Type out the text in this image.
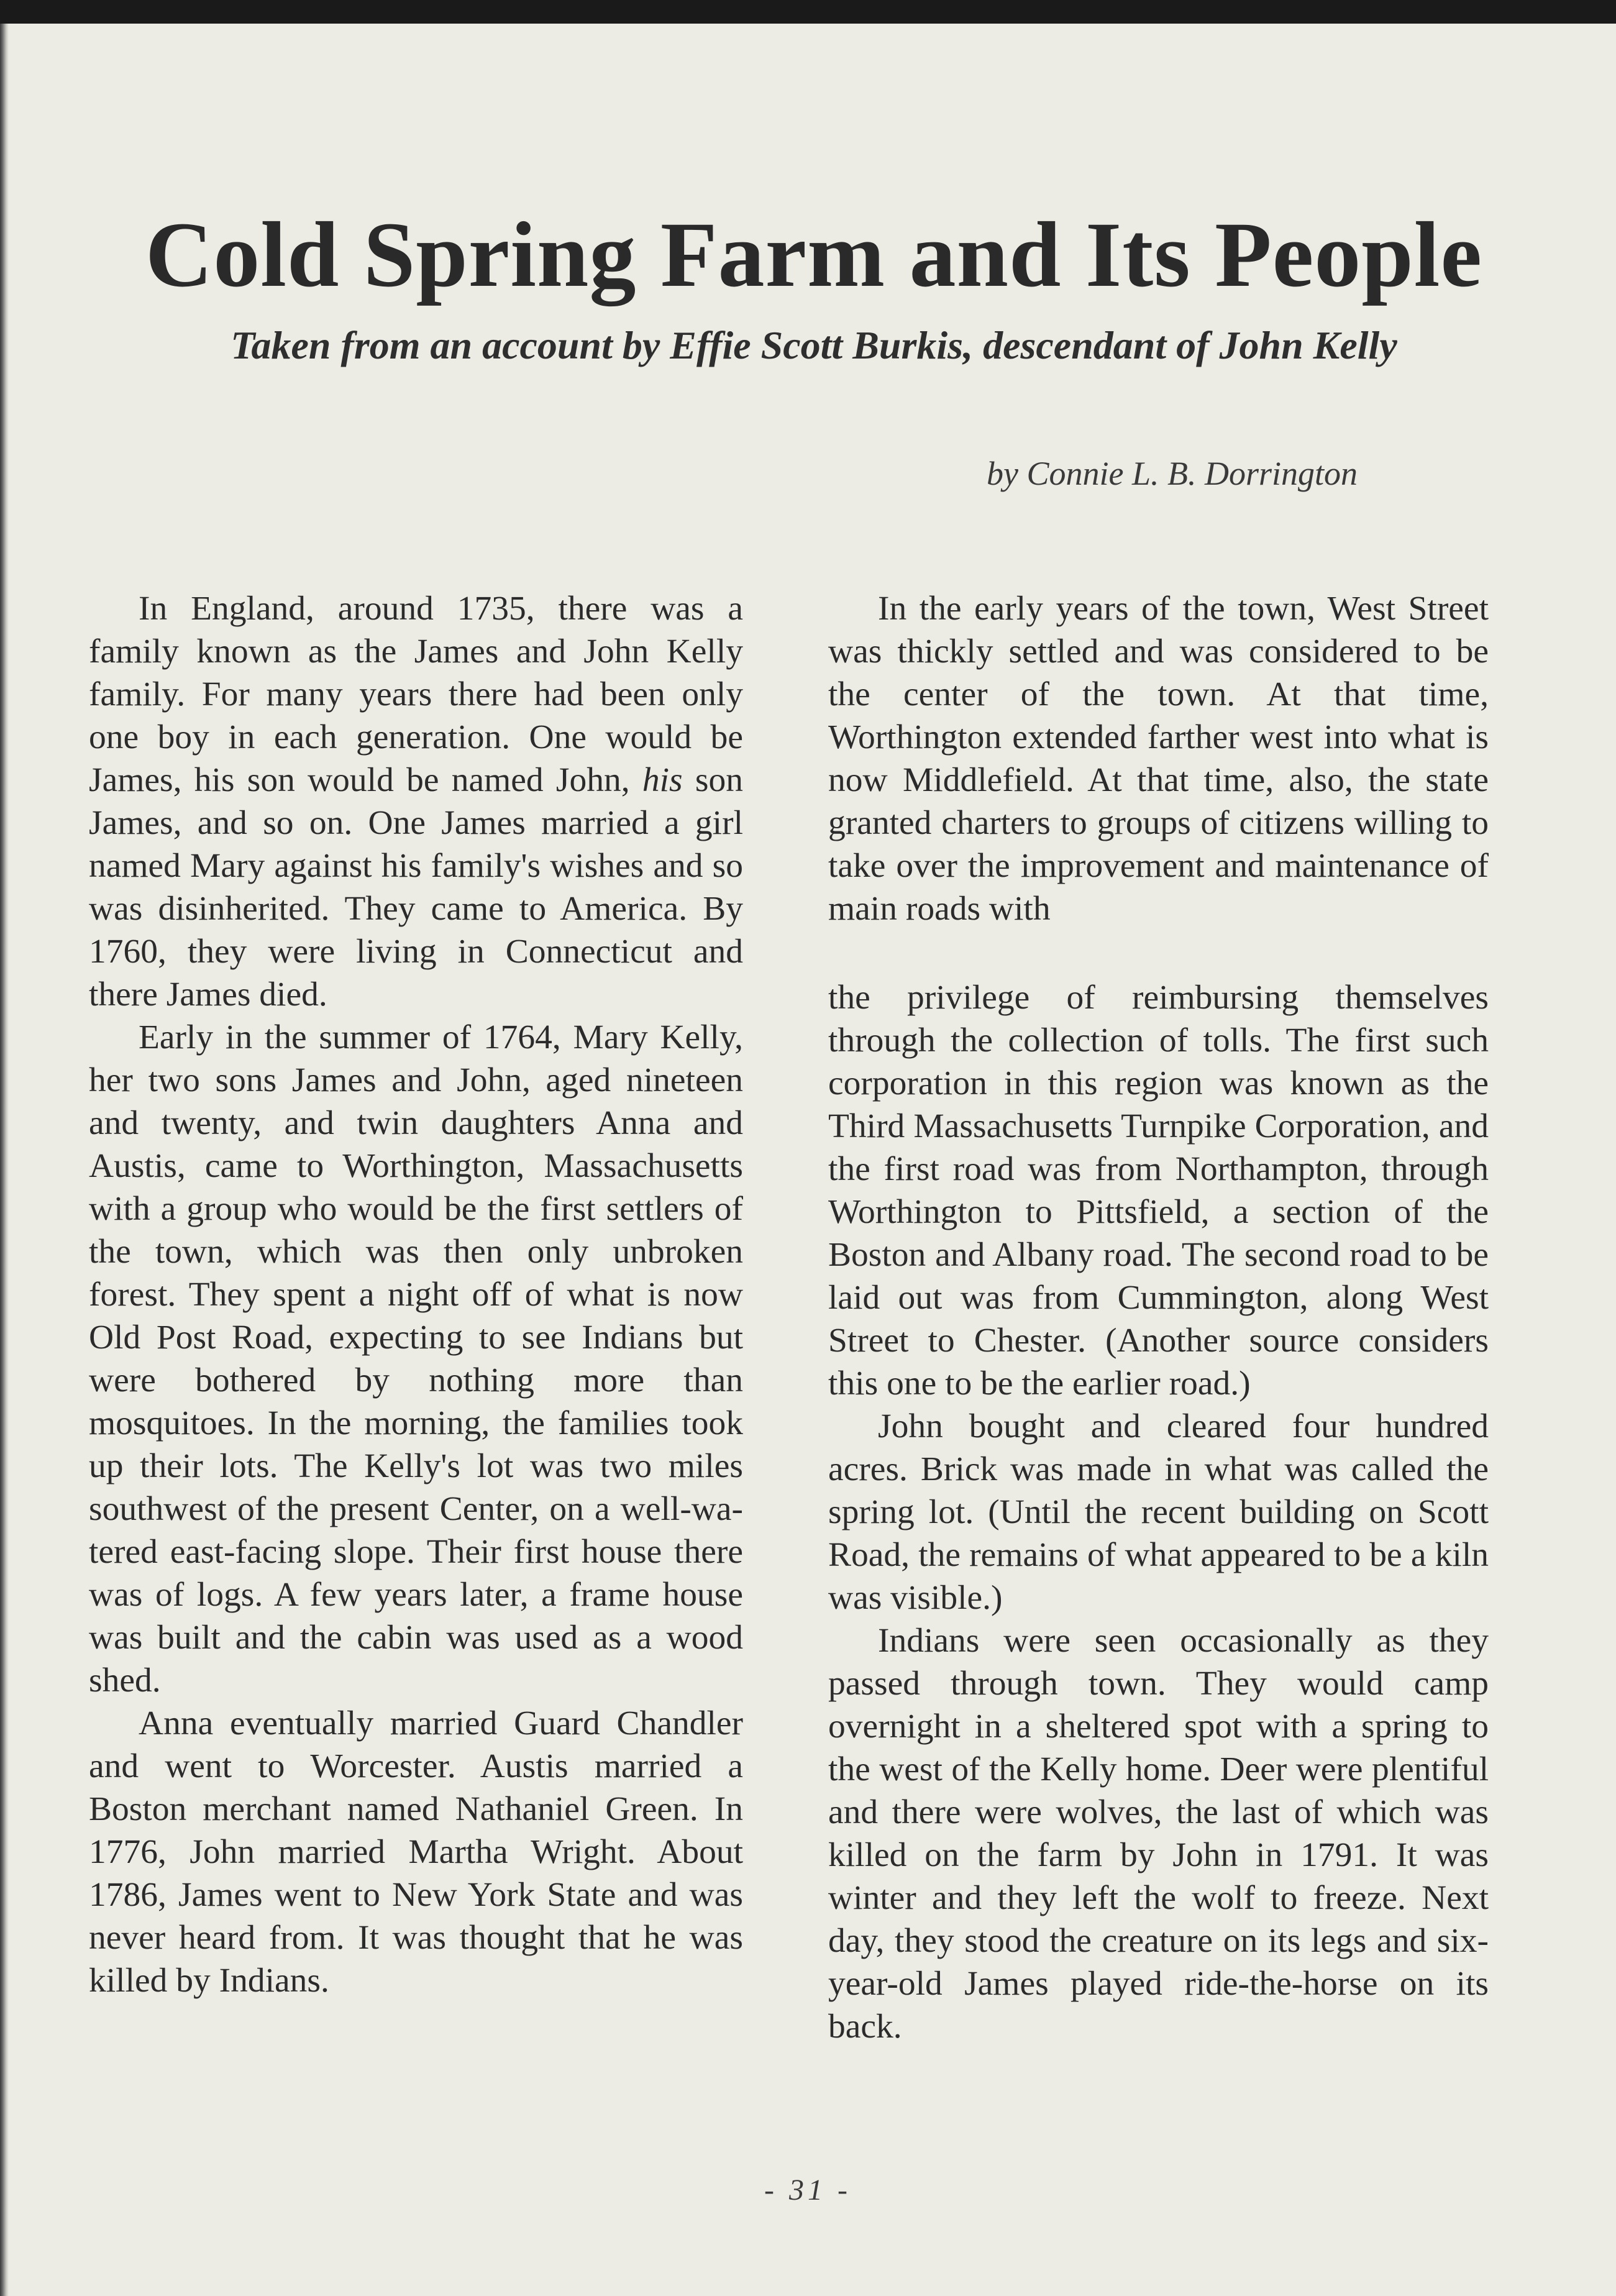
Cold Spring Farm and Its People
Taken from an account by Effie Scott Burkis, descendant of John Kelly
by Connie L. B. Dorrington

In England, around 1735, there was a family known as the James and John Kelly family. For many years there had been only one boy in each generation. One would be James, his son would be named John, his son James, and so on. One James married a girl named Mary against his family's wishes and so was disinherited. They came to America. By 1760, they were living in Connecticut and there James died.

Early in the summer of 1764, Mary Kelly, her two sons James and John, aged nineteen and twenty, and twin daughters Anna and Austis, came to Worthington, Massachusetts with a group who would be the first settlers of the town, which was then only unbroken forest. They spent a night off of what is now Old Post Road, expecting to see Indians but were bothered by nothing more than mosquitoes. In the morning, the families took up their lots. The Kelly's lot was two miles southwest of the present Center, on a well-watered east-facing slope. Their first house there was of logs. A few years later, a frame house was built and the cabin was used as a wood shed.

Anna eventually married Guard Chandler and went to Worcester. Austis married a Boston merchant named Nathaniel Green. In 1776, John married Martha Wright. About 1786, James went to New York State and was never heard from. It was thought that he was killed by Indians.

In the early years of the town, West Street was thickly settled and was considered to be the center of the town. At that time, Worthington extended farther west into what is now Middlefield. At that time, also, the state granted charters to groups of citizens willing to take over the improvement and maintenance of main roads with

the privilege of reimbursing themselves through the collection of tolls. The first such corporation in this region was known as the Third Massachusetts Turnpike Corporation, and the first road was from Northampton, through Worthington to Pittsfield, a section of the Boston and Albany road. The second road to be laid out was from Cummington, along West Street to Chester. (Another source considers this one to be the earlier road.)

John bought and cleared four hundred acres. Brick was made in what was called the spring lot. (Until the recent building on Scott Road, the remains of what appeared to be a kiln was visible.)

Indians were seen occasionally as they passed through town. They would camp overnight in a sheltered spot with a spring to the west of the Kelly home. Deer were plentiful and there were wolves, the last of which was killed on the farm by John in 1791. It was winter and they left the wolf to freeze. Next day, they stood the creature on its legs and six-year-old James played ride-the-horse on its back.

- 31 -
